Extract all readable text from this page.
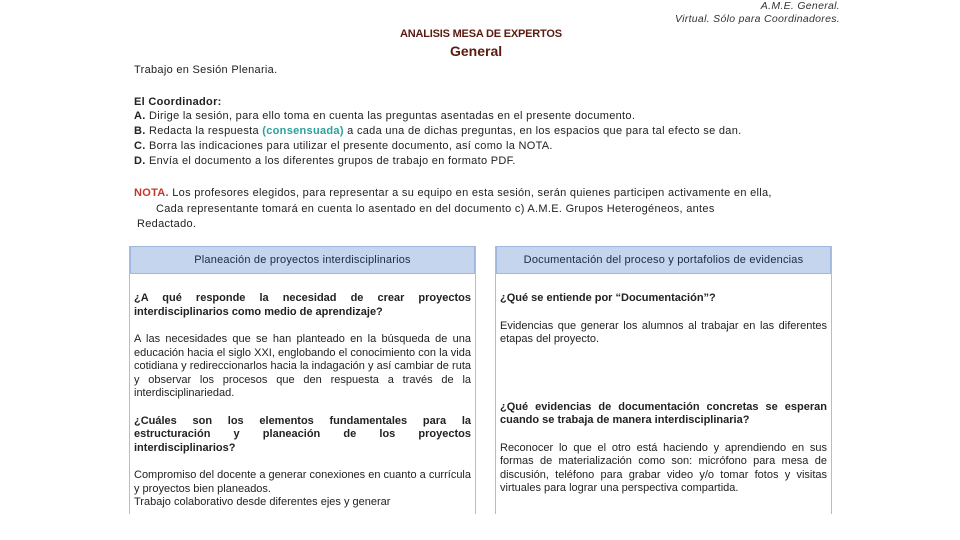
A.M.E. General.
Virtual. Sólo para Coordinadores.
ANALISIS MESA DE EXPERTOS
General
Trabajo en Sesión Plenaria.
El Coordinador:
A. Dirige la sesión, para ello toma en cuenta las preguntas asentadas en el presente documento.
B. Redacta la respuesta (consensuada) a cada una de dichas preguntas, en los espacios que para tal efecto se dan.
C. Borra las indicaciones para utilizar el presente documento, así como la NOTA.
D. Envía el documento a los diferentes grupos de trabajo en formato PDF.
NOTA. Los profesores elegidos, para representar a su equipo en esta sesión, serán quienes participen activamente en ella,
Cada representante tomará en cuenta lo asentado en del documento c) A.M.E. Grupos Heterogéneos, antes
Redactado.
Planeación de proyectos interdisciplinarios

¿A qué responde la necesidad de crear proyectos interdisciplinarios como medio de aprendizaje?

A las necesidades que se han planteado en la búsqueda de una educación hacia el siglo XXI, englobando el conocimiento con la vida cotidiana y redireccionarlos hacia la indagación y así cambiar de ruta y observar los procesos que den respuesta a través de la interdisciplinariedad.

¿Cuáles son los elementos fundamentales para la estructuración y planeación de los proyectos interdisciplinarios?

Compromiso del docente a generar conexiones en cuanto a currícula y proyectos bien planeados.

Trabajo colaborativo desde diferentes ejes y generar

Documentación del proceso y portafolios de evidencias

¿Qué se entiende por “Documentación”?

Evidencias que generar los alumnos al trabajar en las diferentes etapas del proyecto.

¿Qué evidencias de documentación concretas se esperan cuando se trabaja de manera interdisciplinaria?

Reconocer lo que el otro está haciendo y aprendiendo en sus formas de materialización como son: micrófono para mesa de discusión, teléfono para grabar video y/o tomar fotos y visitas virtuales para lograr una perspectiva compartida.
